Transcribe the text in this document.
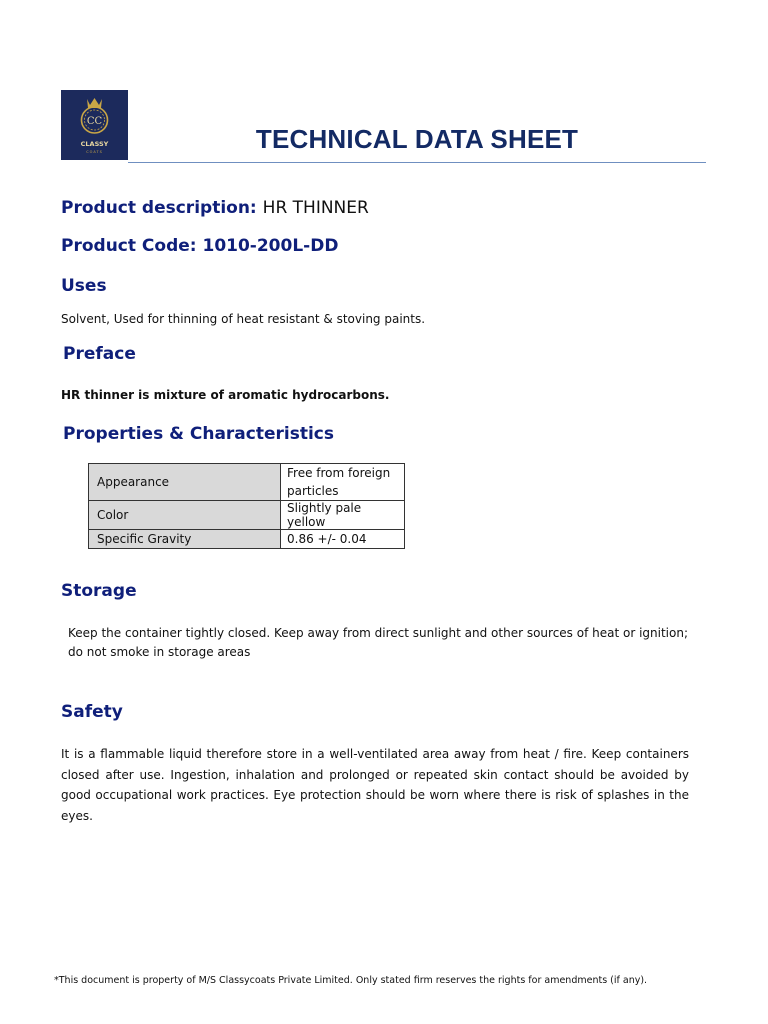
CC
CLASSY
COATS	TECHNICAL DATA SHEET
Product description: HR THINNER
Product Code: 1010-200L-DD
Uses
Solvent, Used for thinning of heat resistant & stoving paints.
Preface
HR thinner is mixture of aromatic hydrocarbons.
Properties & Characteristics
Appearance	Free from foreign particles
Color	Slightly pale yellow
Specific Gravity	0.86 +/- 0.04
Storage
Keep the container tightly closed. Keep away from direct sunlight and other sources of heat or ignition; do not smoke in storage areas
Safety
It is a flammable liquid therefore store in a well-ventilated area away from heat / fire. Keep containers closed after use. Ingestion, inhalation and prolonged or repeated skin contact should be avoided by good occupational work practices. Eye protection should be worn where there is risk of splashes in the eyes.
*This document is property of M/S Classycoats Private Limited. Only stated firm reserves the rights for amendments (if any).
